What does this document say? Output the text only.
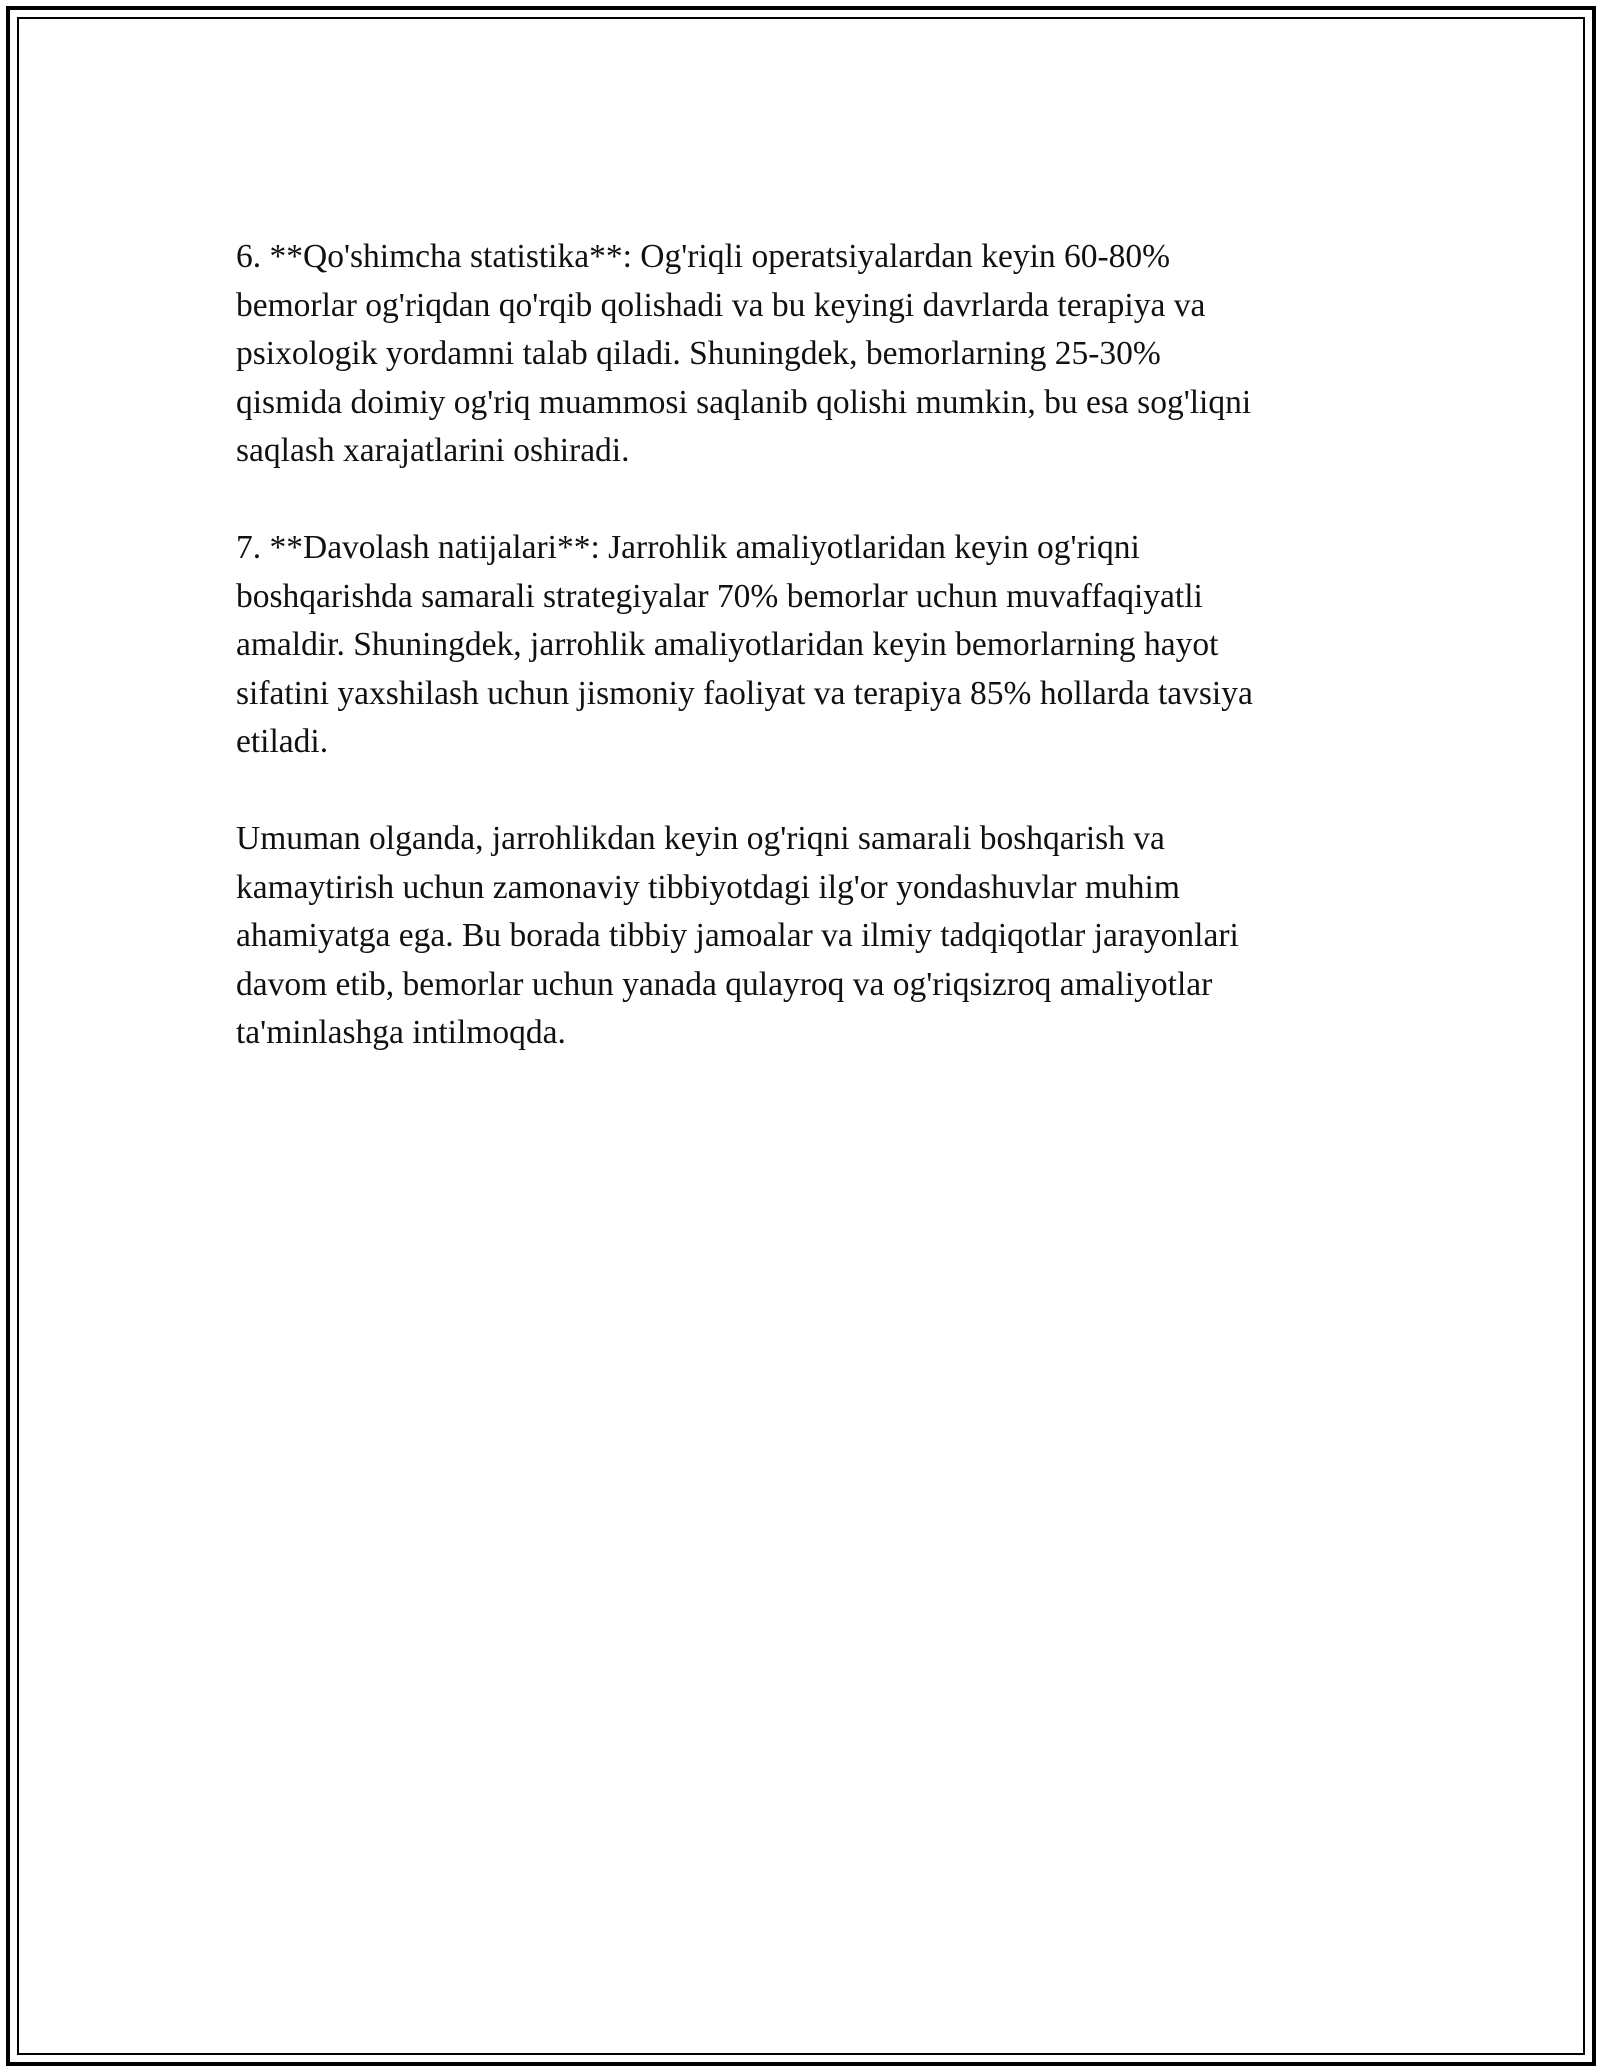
6. **Qo'shimcha statistika**: Og'riqli operatsiyalardan keyin 60-80%
bemorlar og'riqdan qo'rqib qolishadi va bu keyingi davrlarda terapiya va
psixologik yordamni talab qiladi. Shuningdek, bemorlarning 25-30%
qismida doimiy og'riq muammosi saqlanib qolishi mumkin, bu esa sog'liqni
saqlash xarajatlarini oshiradi.

7. **Davolash natijalari**: Jarrohlik amaliyotlaridan keyin og'riqni
boshqarishda samarali strategiyalar 70% bemorlar uchun muvaffaqiyatli
amaldir. Shuningdek, jarrohlik amaliyotlaridan keyin bemorlarning hayot
sifatini yaxshilash uchun jismoniy faoliyat va terapiya 85% hollarda tavsiya
etiladi.

Umuman olganda, jarrohlikdan keyin og'riqni samarali boshqarish va
kamaytirish uchun zamonaviy tibbiyotdagi ilg'or yondashuvlar muhim
ahamiyatga ega. Bu borada tibbiy jamoalar va ilmiy tadqiqotlar jarayonlari
davom etib, bemorlar uchun yanada qulayroq va og'riqsizroq amaliyotlar
ta'minlashga intilmoqda.
